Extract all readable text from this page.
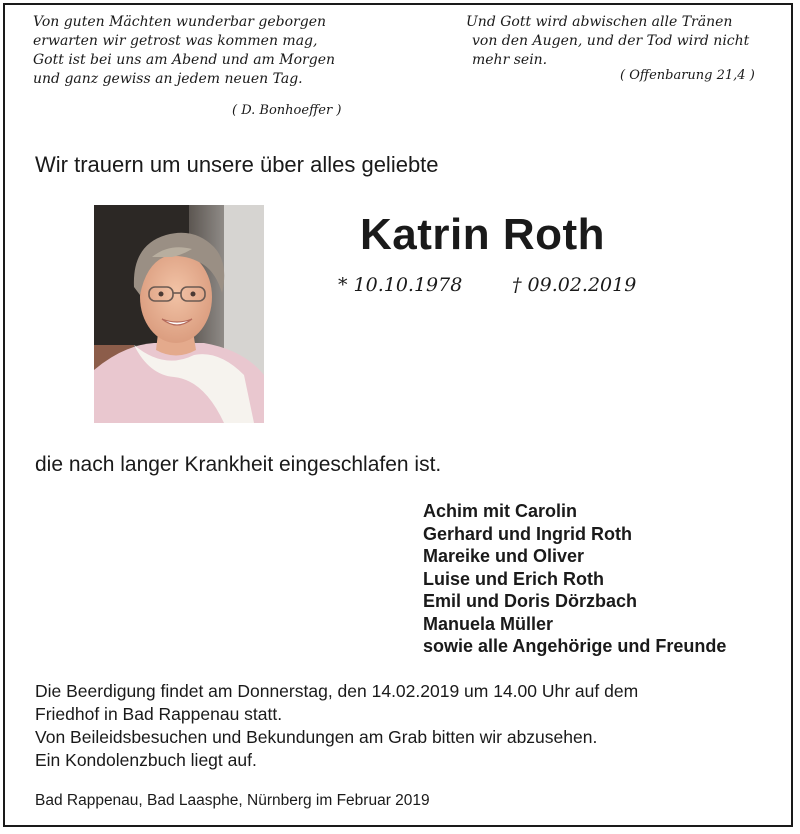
Von guten Mächten wunderbar geborgen
erwarten wir getrost was kommen mag,
Gott ist bei uns am Abend und am Morgen
und ganz gewiss an jedem neuen Tag.
( D. Bonhoeffer )
Und Gott wird abwischen alle Tränen
von den Augen, und der Tod wird nicht
mehr sein.
( Offenbarung 21,4 )
Wir trauern um unsere über alles geliebte
Katrin Roth
* 10.10.1978	† 09.02.2019
die nach langer Krankheit eingeschlafen ist.
Achim mit Carolin
Gerhard und Ingrid Roth
Mareike und Oliver
Luise und Erich Roth
Emil und Doris Dörzbach
Manuela Müller
sowie alle Angehörige und Freunde
Die Beerdigung findet am Donnerstag, den 14.02.2019 um 14.00 Uhr auf dem
Friedhof in Bad Rappenau statt.
Von Beileidsbesuchen und Bekundungen am Grab bitten wir abzusehen.
Ein Kondolenzbuch liegt auf.
Bad Rappenau, Bad Laasphe, Nürnberg im Februar 2019
